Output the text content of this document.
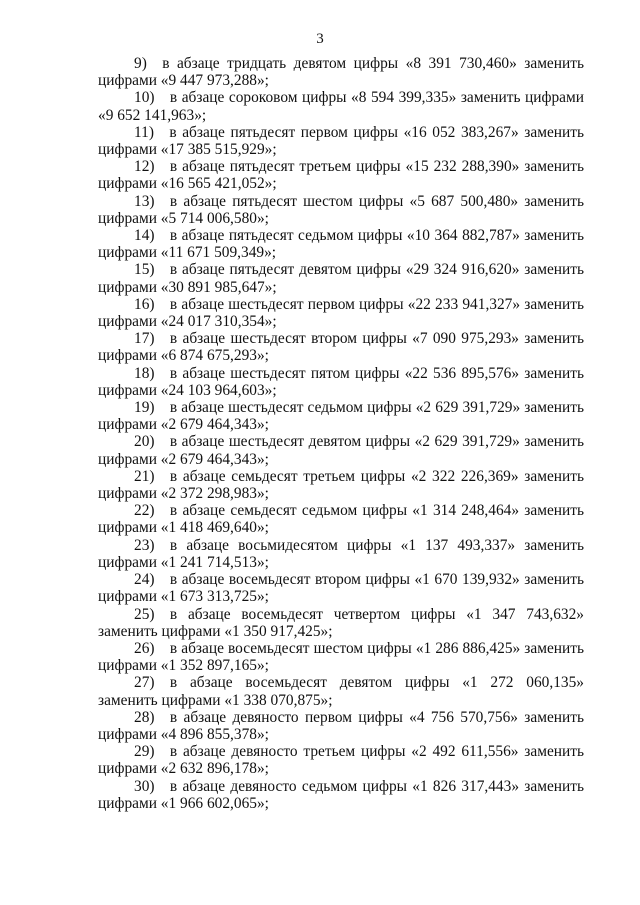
3

9) в абзаце тридцать девятом цифры «8 391 730,460» заменить цифрами «9 447 973,288»;

10) в абзаце сороковом цифры «8 594 399,335» заменить цифрами «9 652 141,963»;

11) в абзаце пятьдесят первом цифры «16 052 383,267» заменить цифрами «17 385 515,929»;

12) в абзаце пятьдесят третьем цифры «15 232 288,390» заменить цифрами «16 565 421,052»;

13) в абзаце пятьдесят шестом цифры «5 687 500,480» заменить цифрами «5 714 006,580»;

14) в абзаце пятьдесят седьмом цифры «10 364 882,787» заменить цифрами «11 671 509,349»;

15) в абзаце пятьдесят девятом цифры «29 324 916,620» заменить цифрами «30 891 985,647»;

16) в абзаце шестьдесят первом цифры «22 233 941,327» заменить цифрами «24 017 310,354»;

17) в абзаце шестьдесят втором цифры «7 090 975,293» заменить цифрами «6 874 675,293»;

18) в абзаце шестьдесят пятом цифры «22 536 895,576» заменить цифрами «24 103 964,603»;

19) в абзаце шестьдесят седьмом цифры «2 629 391,729» заменить цифрами «2 679 464,343»;

20) в абзаце шестьдесят девятом цифры «2 629 391,729» заменить цифрами «2 679 464,343»;

21) в абзаце семьдесят третьем цифры «2 322 226,369» заменить цифрами «2 372 298,983»;

22) в абзаце семьдесят седьмом цифры «1 314 248,464» заменить цифрами «1 418 469,640»;

23) в абзаце восьмидесятом цифры «1 137 493,337» заменить цифрами «1 241 714,513»;

24) в абзаце восемьдесят втором цифры «1 670 139,932» заменить цифрами «1 673 313,725»;

25) в абзаце восемьдесят четвертом цифры «1 347 743,632» заменить цифрами «1 350 917,425»;

26) в абзаце восемьдесят шестом цифры «1 286 886,425» заменить цифрами «1 352 897,165»;

27) в абзаце восемьдесят девятом цифры «1 272 060,135» заменить цифрами «1 338 070,875»;

28) в абзаце девяносто первом цифры «4 756 570,756» заменить цифрами «4 896 855,378»;

29) в абзаце девяносто третьем цифры «2 492 611,556» заменить цифрами «2 632 896,178»;

30) в абзаце девяносто седьмом цифры «1 826 317,443» заменить цифрами «1 966 602,065»;
